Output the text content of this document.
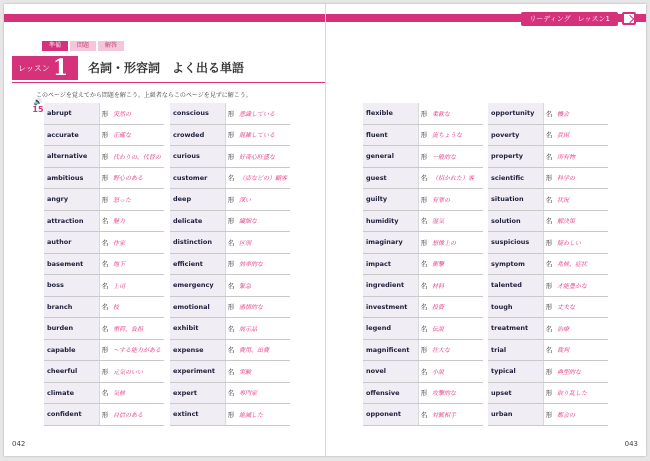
準備	問題	解答
レッスン 1 名詞・形容詞　よく出る単語
このページを覚えてから問題を解こう。上級者ならこのページを見ずに解こう。
🔊
15 abrupt	形 突然の
accurate	形 正確な
alternative	形 代わりの、代替の
ambitious	形 野心のある
angry	形 怒った
attraction	名 魅力
author	名 作家
basement	名 地下
boss	名 上司
branch	名 枝
burden	名 重荷、負担
capable	形 ～する能力がある
cheerful	形 元気のいい
climate	名 気候
confident	形 自信のある
conscious	形 意識している
crowded	形 混雑している
curious	形 好奇心旺盛な
customer	名 （店などの）顧客
deep	形 深い
delicate	形 繊細な
distinction	名 区別
efficient	形 効率的な
emergency	名 緊急
emotional	形 感情的な
exhibit	名 展示品
expense	名 費用、出費
experiment	名 実験
expert	名 専門家
extinct	形 絶滅した
042
リーディング　レッスン1
flexible	形 柔軟な
fluent	形 流ちょうな
general	形 一般的な
guest	名 （招かれた）客
guilty	形 有罪の
humidity	名 湿気
imaginary	形 想像上の
impact	名 衝撃
ingredient	名 材料
investment	名 投資
legend	名 伝説
magnificent	形 壮大な
novel	名 小説
offensive	形 攻撃的な
opponent	名 対戦相手
opportunity	名 機会
poverty	名 貧困
property	名 所有物
scientific	形 科学の
situation	名 状況
solution	名 解決策
suspicious	形 疑わしい
symptom	名 兆候、症状
talented	形 才能豊かな
tough	形 丈夫な
treatment	名 治療
trial	名 裁判
typical	形 典型的な
upset	形 取り乱した
urban	形 都会の
043
